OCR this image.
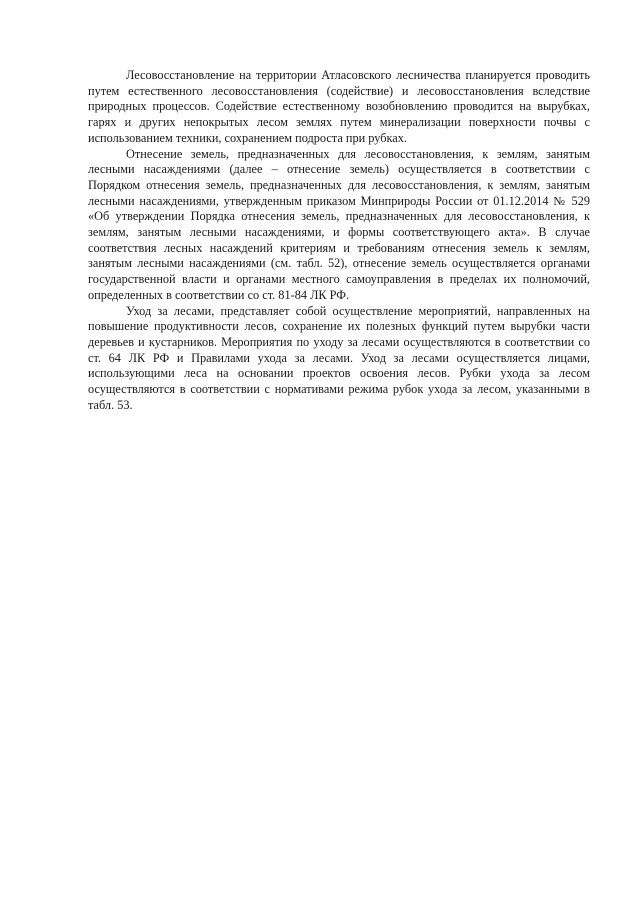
Лесовосстановление на территории Атласовского лесничества планируется проводить путем естественного лесовосстановления (содействие) и лесовосстановления вследствие природных процессов. Содействие естественному возобновлению проводится на вырубках, гарях и других непокрытых лесом землях путем минерализации поверхности почвы с использованием техники, сохранением подроста при рубках.

Отнесение земель, предназначенных для лесовосстановления, к землям, занятым лесными насаждениями (далее – отнесение земель) осуществляется в соответствии с Порядком отнесения земель, предназначенных для лесовосстановления, к землям, занятым лесными насаждениями, утвержденным приказом Минприроды России от 01.12.2014 № 529 «Об утверждении Порядка отнесения земель, предназначенных для лесовосстановления, к землям, занятым лесными насаждениями, и формы соответствующего акта». В случае соответствия лесных насаждений критериям и требованиям отнесения земель к землям, занятым лесными насаждениями (см. табл. 52), отнесение земель осуществляется органами государственной власти и органами местного самоуправления в пределах их полномочий, определенных в соответствии со ст. 81-84 ЛК РФ.

Уход за лесами, представляет собой осуществление мероприятий, направленных на повышение продуктивности лесов, сохранение их полезных функций путем вырубки части деревьев и кустарников. Мероприятия по уходу за лесами осуществляются в соответствии со ст. 64 ЛК РФ и Правилами ухода за лесами. Уход за лесами осуществляется лицами, использующими леса на основании проектов освоения лесов. Рубки ухода за лесом осуществляются в соответствии с нормативами режима рубок ухода за лесом, указанными в табл. 53.
